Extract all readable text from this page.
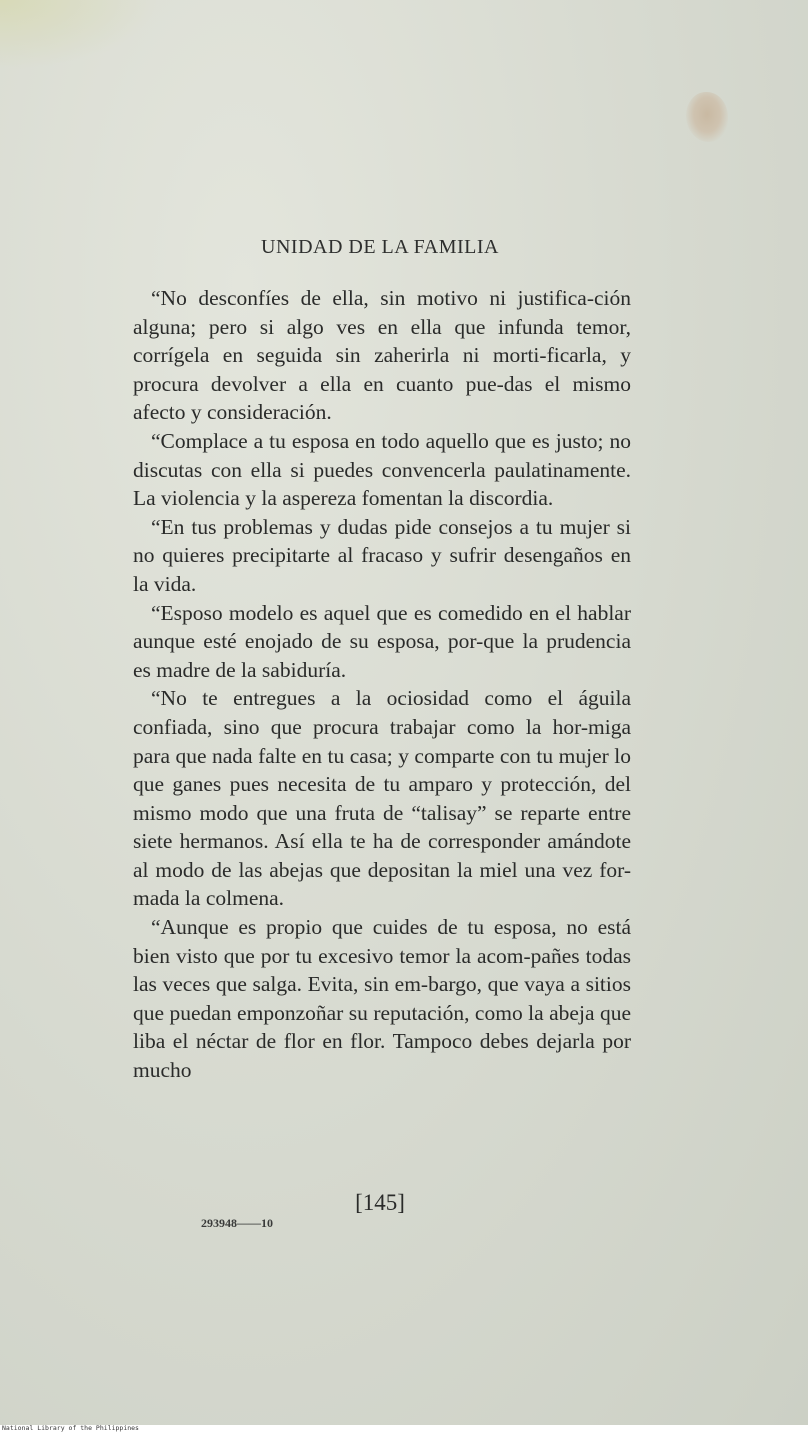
UNIDAD DE LA FAMILIA

“No desconfíes de ella, sin motivo ni justifica-ción alguna; pero si algo ves en ella que infunda temor, corrígela en seguida sin zaherirla ni morti-ficarla, y procura devolver a ella en cuanto pue-das el mismo afecto y consideración.

“Complace a tu esposa en todo aquello que es justo; no discutas con ella si puedes convencerla paulatinamente. La violencia y la aspereza fomentan la discordia.

“En tus problemas y dudas pide consejos a tu mujer si no quieres precipitarte al fracaso y sufrir desengaños en la vida.

“Esposo modelo es aquel que es comedido en el hablar aunque esté enojado de su esposa, por-que la prudencia es madre de la sabiduría.

“No te entregues a la ociosidad como el águila confiada, sino que procura trabajar como la hor-miga para que nada falte en tu casa; y comparte con tu mujer lo que ganes pues necesita de tu amparo y protección, del mismo modo que una fruta de “talisay” se reparte entre siete hermanos. Así ella te ha de corresponder amándote al modo de las abejas que depositan la miel una vez for-mada la colmena.

“Aunque es propio que cuides de tu esposa, no está bien visto que por tu excesivo temor la acom-pañes todas las veces que salga. Evita, sin em-bargo, que vaya a sitios que puedan emponzoñar su reputación, como la abeja que liba el néctar de flor en flor. Tampoco debes dejarla por mucho

[145]
293948——10
National Library of the Philippines
